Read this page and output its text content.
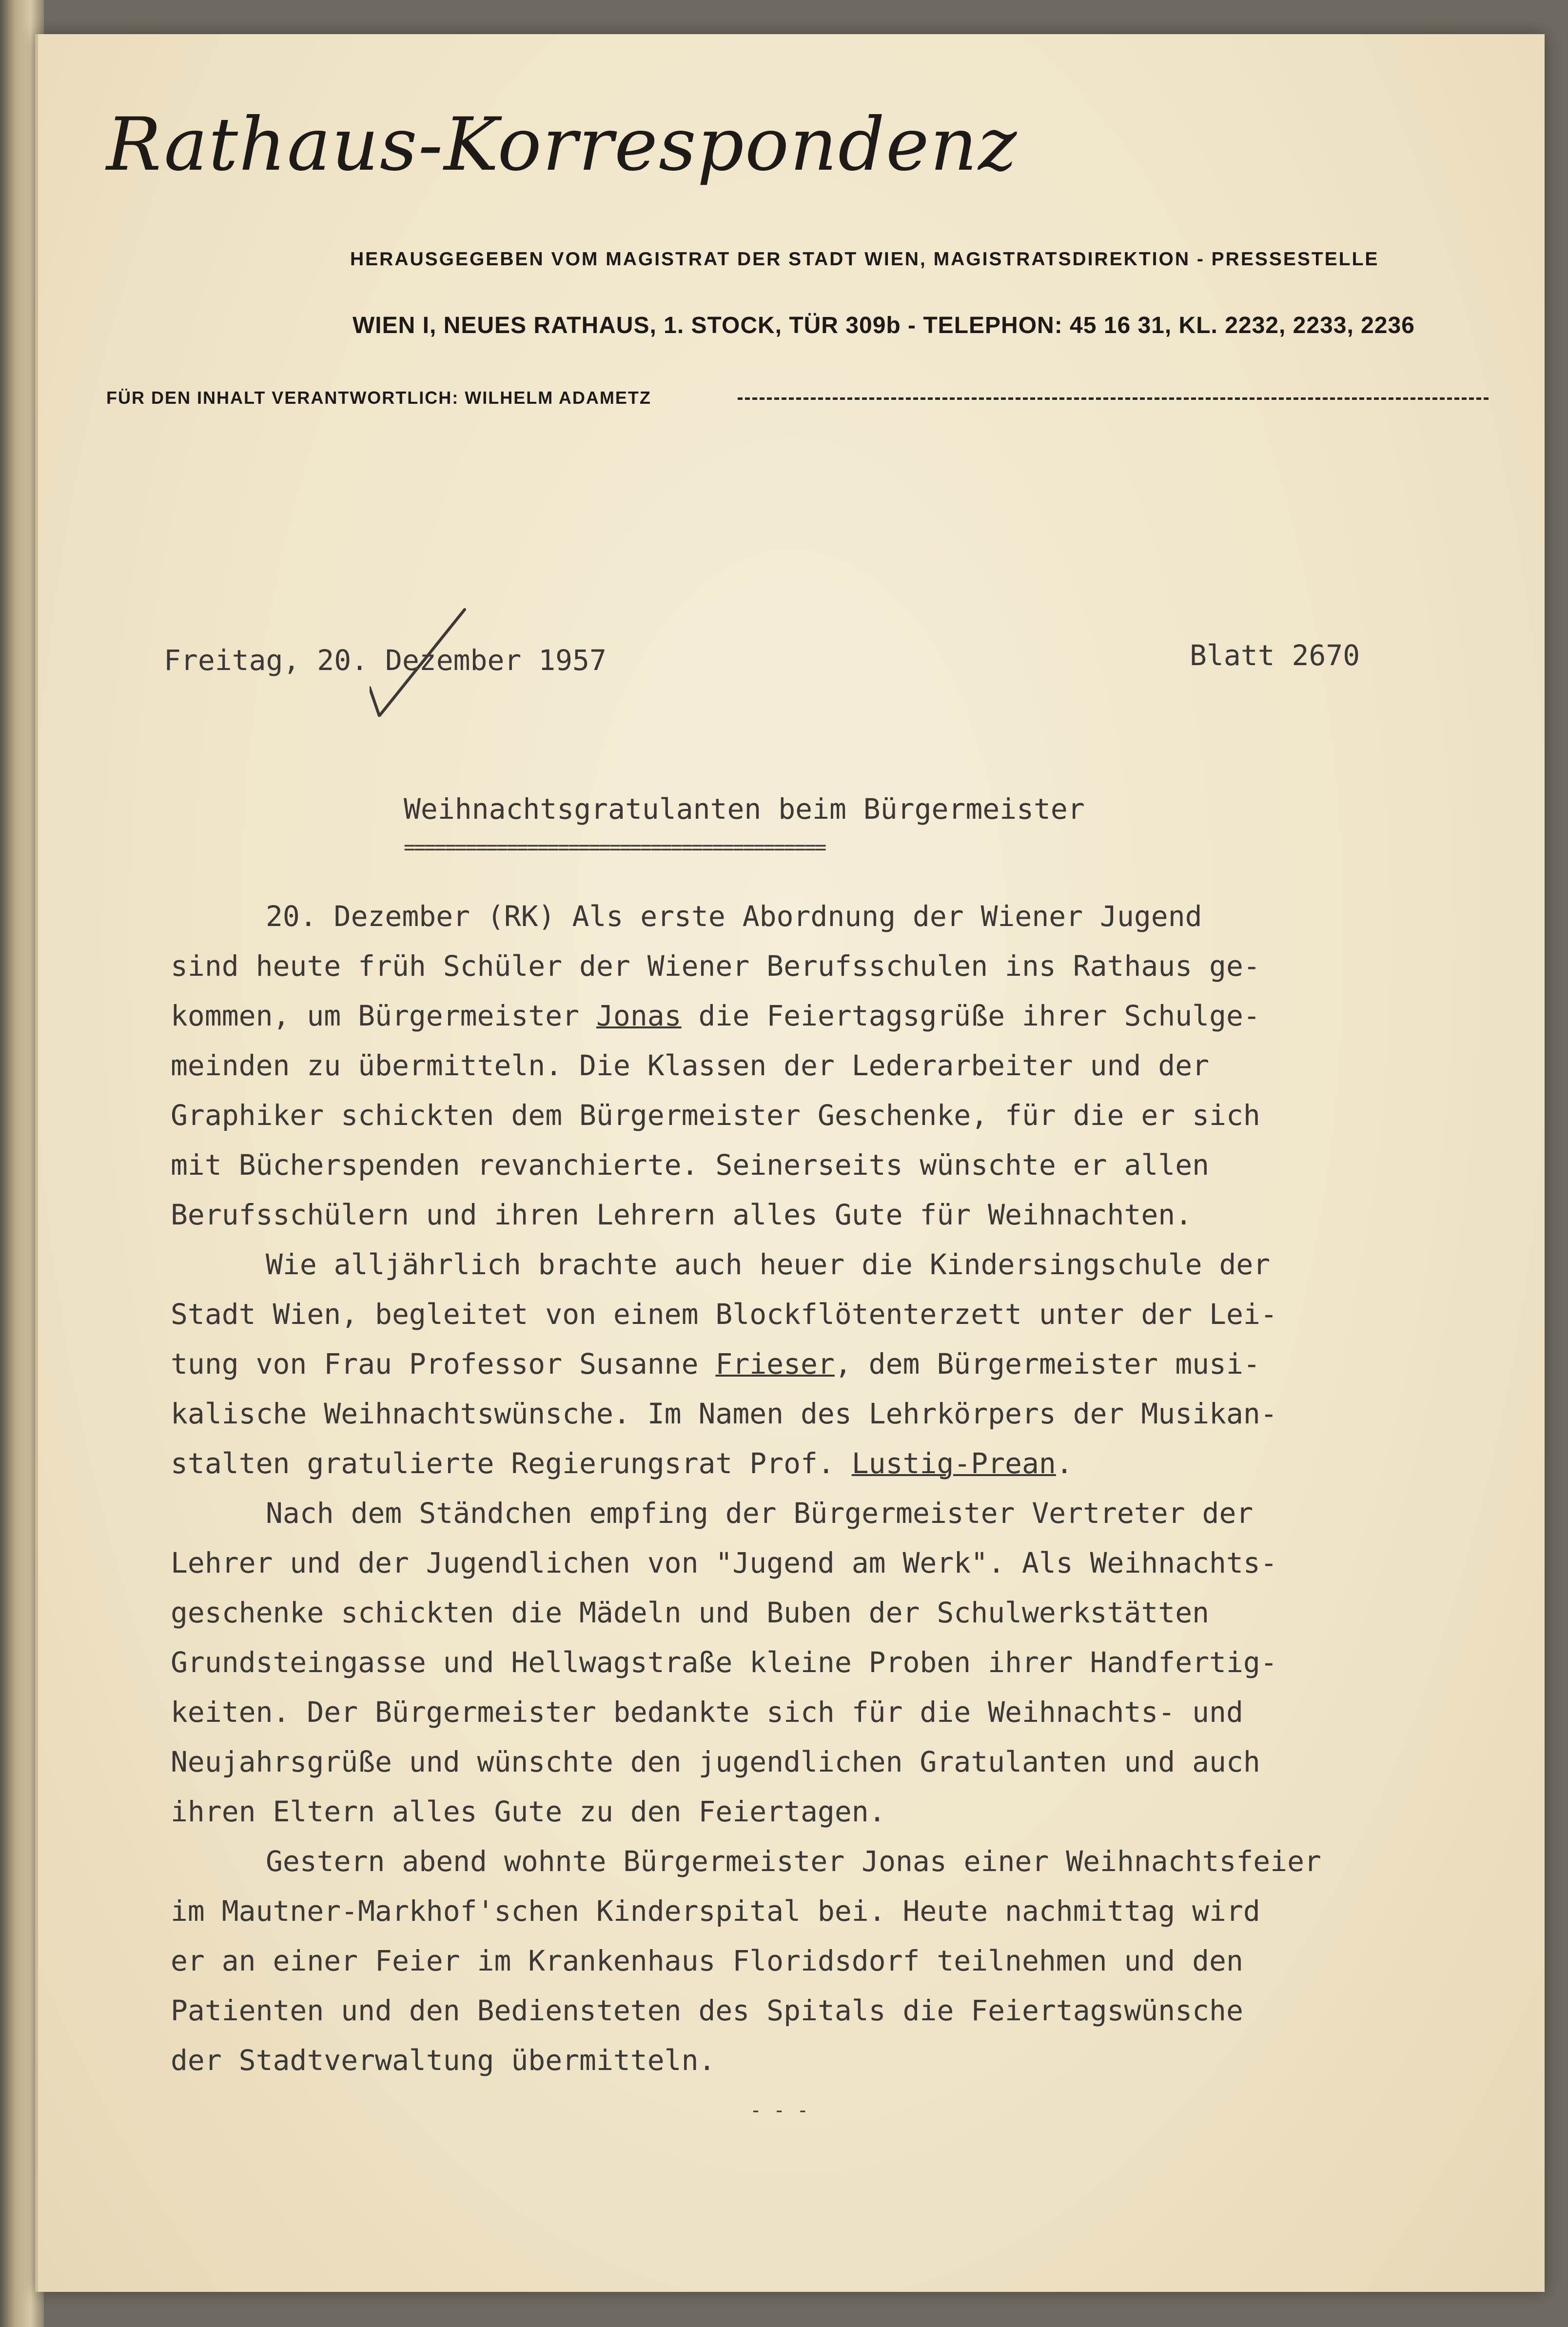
Rathaus-Korrespondenz
HERAUSGEGEBEN VOM MAGISTRAT DER STADT WIEN, MAGISTRATSDIREKTION - PRESSESTELLE
WIEN I, NEUES RATHAUS, 1. STOCK, TÜR 309b - TELEPHON: 45 16 31, KL. 2232, 2233, 2236
FÜR DEN INHALT VERANTWORTLICH: WILHELM ADAMETZ
Freitag, 20. Dezember 1957	Blatt 2670
Weihnachtsgratulanten beim Bürgermeister
=========================================
20. Dezember (RK) Als erste Abordnung der Wiener Jugend
sind heute früh Schüler der Wiener Berufsschulen ins Rathaus ge-
kommen, um Bürgermeister Jonas die Feiertagsgrüße ihrer Schulge-
meinden zu übermitteln. Die Klassen der Lederarbeiter und der
Graphiker schickten dem Bürgermeister Geschenke, für die er sich
mit Bücherspenden revanchierte. Seinerseits wünschte er allen
Berufsschülern und ihren Lehrern alles Gute für Weihnachten.
Wie alljährlich brachte auch heuer die Kindersingschule der
Stadt Wien, begleitet von einem Blockflötenterzett unter der Lei-
tung von Frau Professor Susanne Frieser, dem Bürgermeister musi-
kalische Weihnachtswünsche. Im Namen des Lehrkörpers der Musikan-
stalten gratulierte Regierungsrat Prof. Lustig-Prean.
Nach dem Ständchen empfing der Bürgermeister Vertreter der
Lehrer und der Jugendlichen von "Jugend am Werk". Als Weihnachts-
geschenke schickten die Mädeln und Buben der Schulwerkstätten
Grundsteingasse und Hellwagstraße kleine Proben ihrer Handfertig-
keiten. Der Bürgermeister bedankte sich für die Weihnachts- und
Neujahrsgrüße und wünschte den jugendlichen Gratulanten und auch
ihren Eltern alles Gute zu den Feiertagen.
Gestern abend wohnte Bürgermeister Jonas einer Weihnachtsfeier
im Mautner-Markhof'schen Kinderspital bei. Heute nachmittag wird
er an einer Feier im Krankenhaus Floridsdorf teilnehmen und den
Patienten und den Bediensteten des Spitals die Feiertagswünsche
der Stadtverwaltung übermitteln.
- - -
